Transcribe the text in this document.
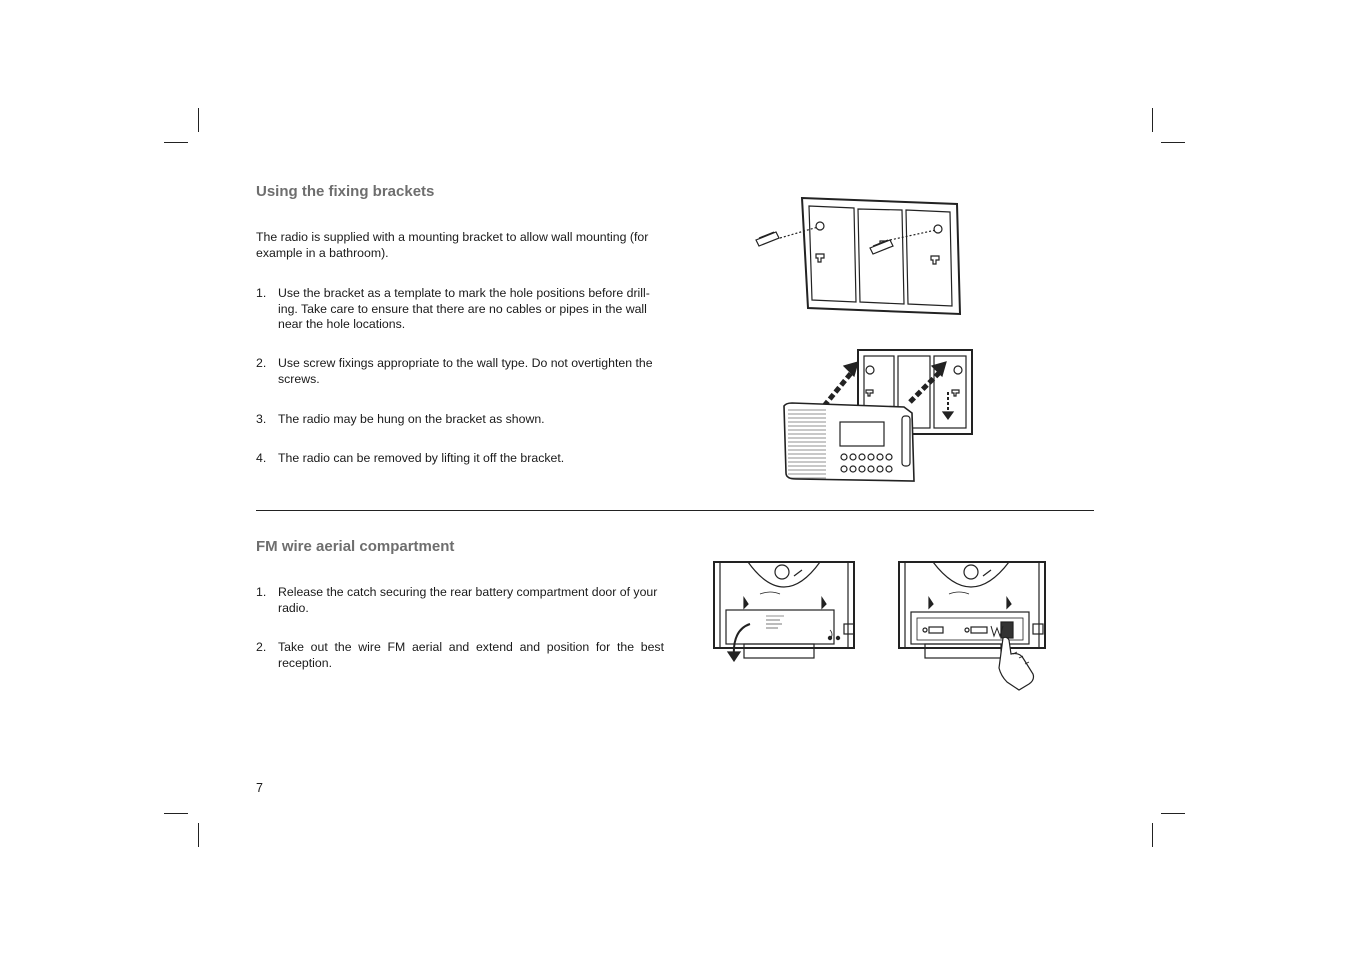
Using the fixing brackets

The radio is supplied with a mounting bracket to allow wall mounting (for example in a bathroom).

1. Use the bracket as a template to mark the hole positions before drill-ing. Take care to ensure that there are no cables or pipes in the wall near the hole locations.
2. Use screw fixings appropriate to the wall type. Do not overtighten the screws.
3. The radio may be hung on the bracket as shown.
4. The radio can be removed by lifting it off the bracket.
FM wire aerial compartment
1. Release the catch securing the rear battery compartment door of your radio.
2. Take out the wire FM aerial and extend and position for the best reception.
7
